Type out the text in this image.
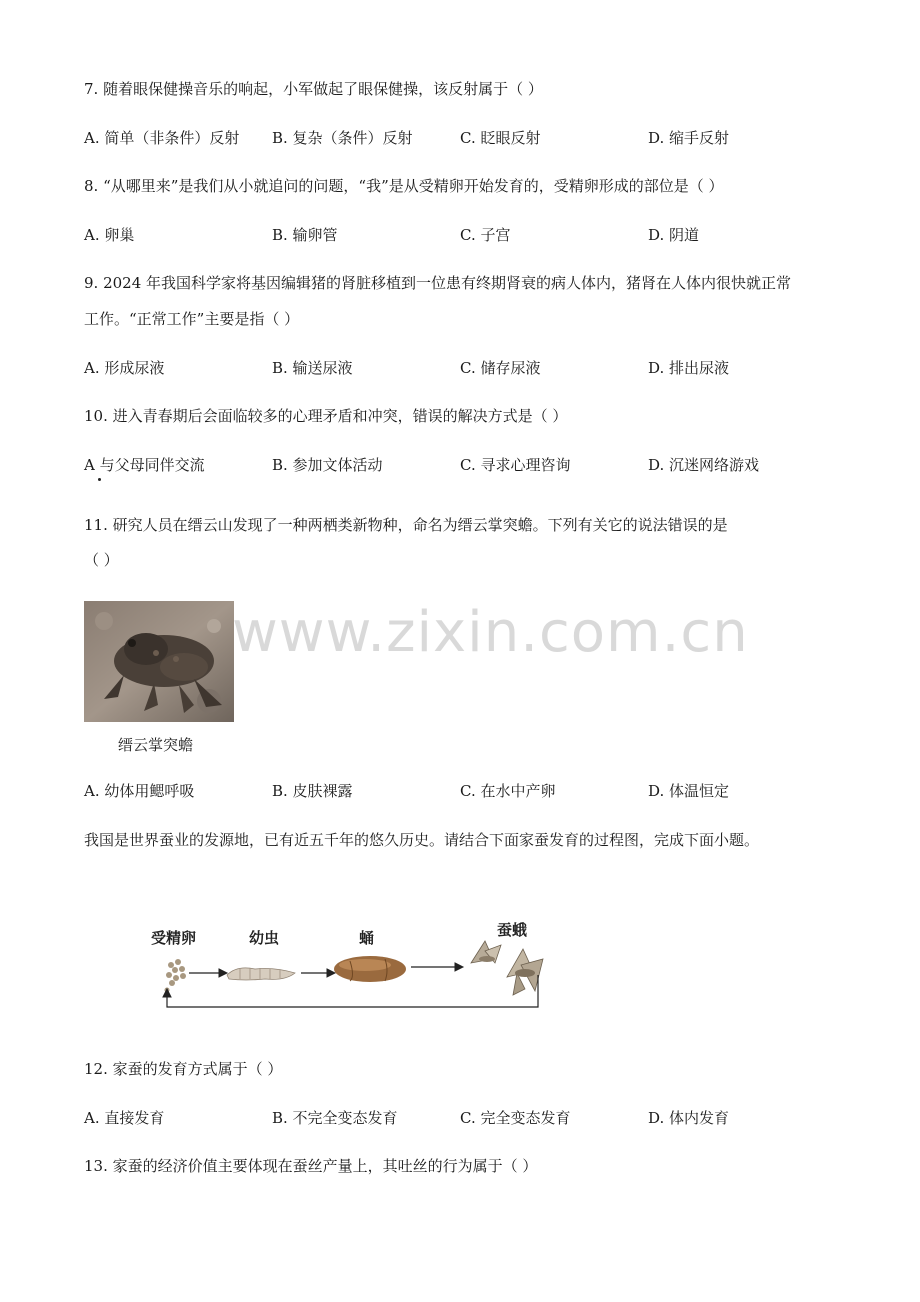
7. 随着眼保健操音乐的响起，小军做起了眼保健操，该反射属于（ ）
A. 简单（非条件）反射 B. 复杂（条件）反射	C. 眨眼反射	D. 缩手反射
8. “从哪里来”是我们从小就追问的问题，“我”是从受精卵开始发育的，受精卵形成的部位是（ ）
A. 卵巢	B. 输卵管	C. 子宫	D. 阴道
9. 2024 年我国科学家将基因编辑猪的肾脏移植到一位患有终期肾衰的病人体内，猪肾在人体内很快就正常
工作。“正常工作”主要是指（ ）
A. 形成尿液	B. 输送尿液	C. 储存尿液	D. 排出尿液
10. 进入青春期后会面临较多的心理矛盾和冲突，错误的解决方式是（ ）
A 与父母同伴交流	B. 参加文体活动	C. 寻求心理咨询	D. 沉迷网络游戏
11. 研究人员在缙云山发现了一种两栖类新物种，命名为缙云掌突蟾。下列有关它的说法错误的是
（ ）
www.zixin.com.cn
缙云掌突蟾
A. 幼体用鳃呼吸	B. 皮肤裸露	C. 在水中产卵	D. 体温恒定
我国是世界蚕业的发源地，已有近五千年的悠久历史。请结合下面家蚕发育的过程图，完成下面小题。
受精卵	幼虫	蛹	蚕蛾
12. 家蚕的发育方式属于（ ）
A. 直接发育	B. 不完全变态发育	C. 完全变态发育	D. 体内发育
13. 家蚕的经济价值主要体现在蚕丝产量上，其吐丝的行为属于（ ）
